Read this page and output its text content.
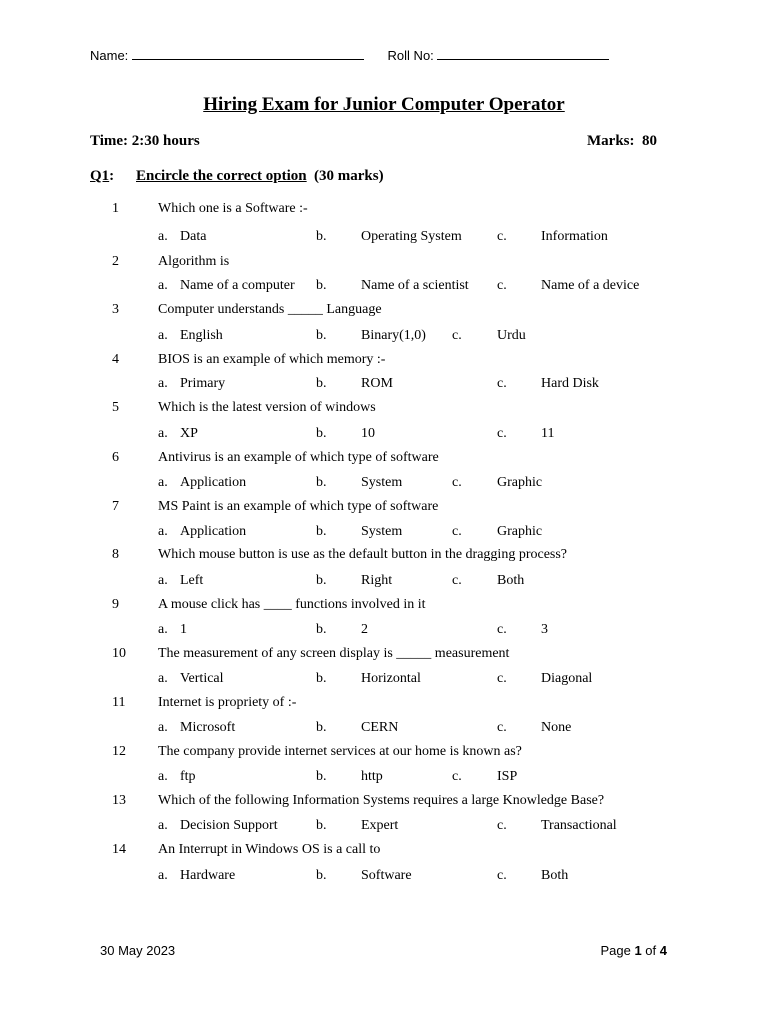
Name:	Roll No:
Hiring Exam for Junior Computer Operator
Time: 2:30 hours	Marks:  80
Q1: Encircle the correct option (30 marks)
1	Which one is a Software :-
a. Data	b. Operating System	c. Information
2	Algorithm is
a. Name of a computer b. Name of a scientist c. Name of a device
3	Computer understands _____ Language
a. English	b. Binary(1,0) c.	Urdu
4	BIOS is an example of which memory :-
a. Primary	b. ROM	c. Hard Disk
5	Which is the latest version of windows
a. XP	b. 10	c. 11
6	Antivirus is an example of which type of software
a. Application	b. System	c.	Graphic
7	MS Paint is an example of which type of software
a. Application	b. System	c.	Graphic
8	Which mouse button is use as the default button in the dragging process?
a. Left	b. Right	c.	Both
9	A mouse click has ____ functions involved in it
a. 1	b. 2	c. 3
10 The measurement of any screen display is _____ measurement
a. Vertical	b. Horizontal	c. Diagonal
11 Internet is propriety of :-
a. Microsoft	b. CERN	c. None
12 The company provide internet services at our home is known as?
a. ftp	b. http	c.	ISP
13 Which of the following Information Systems requires a large Knowledge Base?
a. Decision Support	b. Expert	c. Transactional
14 An Interrupt in Windows OS is a call to
a. Hardware	b. Software	c. Both
30 May 2023	Page 1 of 4
